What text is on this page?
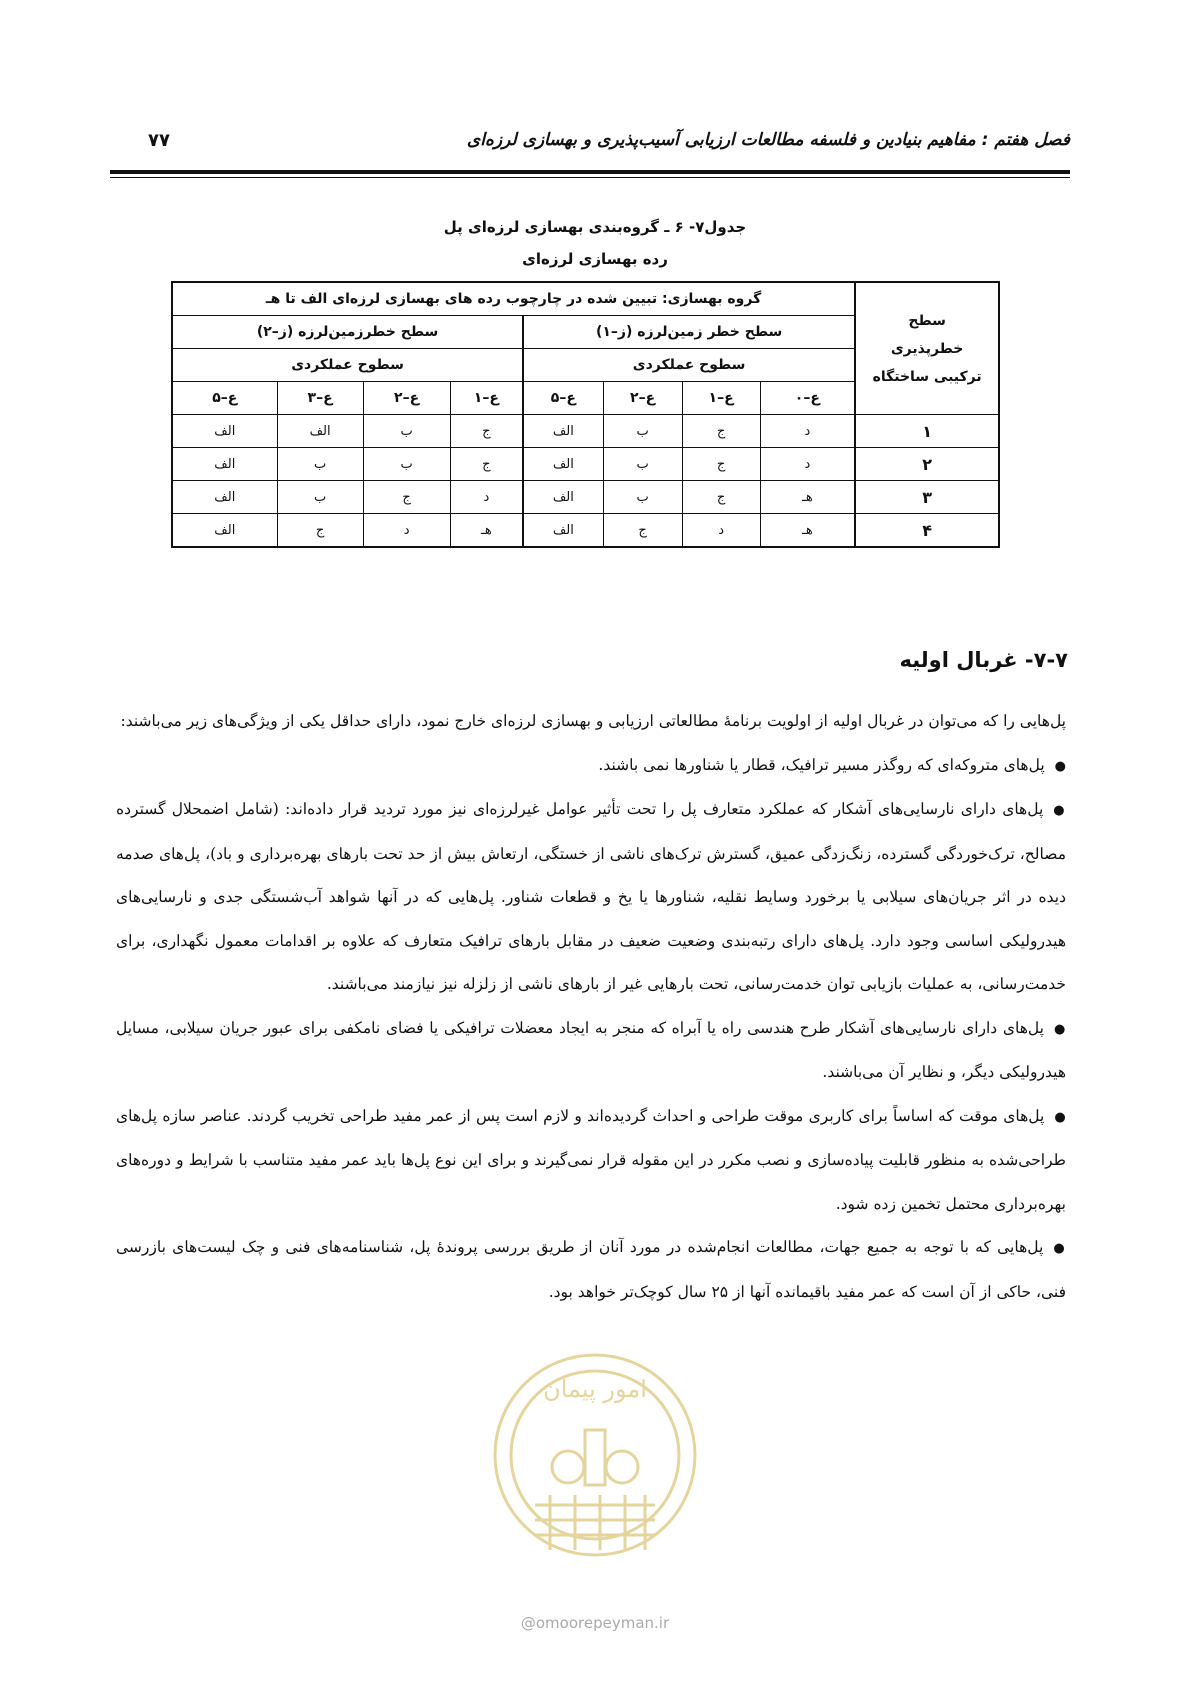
فصل هفتم : مفاهیم بنیادین و فلسفه مطالعات ارزیابی آسیب‌پذیری و بهسازی لرزه‌ای
۷۷
جدول۷- ۶ ـ گروه‌بندی بهسازی لرزه‌ای پل
رده بهسازی لرزه‌ای
سطح
خطرپذیری
ترکیبی ساختگاه	گروه بهسازی: تبیین شده در چارچوب رده های بهسازی لرزه‌ای الف تا هـ							
	سطح خطر زمین‌لرزه (ز–۱)				سطح خطرزمین‌لرزه (ز–۲)			
	سطوح عملکردی				سطوح عملکردی			
	ع–۰	ع–۱	ع–۲	ع–۵	ع–۱	ع–۲	ع–۳	ع–۵
۱	د	ج	ب	الف	ج	ب	الف	الف
۲	د	ج	ب	الف	ج	ب	ب	الف
۳	هـ	ج	ب	الف	د	ج	ب	الف
۴	هـ	د	ج	الف	هـ	د	ج	الف
۷-۷- غربال اولیه

پل‌هایی را که می‌توان در غربال اولیه از اولویت برنامهٔ مطالعاتی ارزیابی و بهسازی لرزه‌ای خارج نمود، دارای حداقل یکی از ویژگی‌های زیر می‌باشند:

●پل‌های متروکه‌ای که روگذر مسیر ترافیک، قطار یا شناورها نمی باشند.

●پل‌های دارای نارسایی‌های آشکار که عملکرد متعارف پل را تحت تأثیر عوامل غیرلرزه‌ای نیز مورد تردید قرار داده‌اند: (شامل اضمحلال گسترده مصالح، ترک‌خوردگی گسترده، زنگ‌زدگی عمیق، گسترش ترک‌های ناشی از خستگی، ارتعاش بیش از حد تحت بارهای بهره‌برداری و باد)، پل‌های صدمه دیده در اثر جریان‌های سیلابی یا برخورد وسایط نقلیه، شناورها یا یخ و قطعات شناور. پل‌هایی که در آنها شواهد آب‌شستگی جدی و نارسایی‌های هیدرولیکی اساسی وجود دارد. پل‌های دارای رتبه‌بندی وضعیت ضعیف در مقابل بارهای ترافیک متعارف که علاوه بر اقدامات معمول نگهداری، برای خدمت‌رسانی، به عملیات بازیابی توان خدمت‌رسانی، تحت بارهایی غیر از بارهای ناشی از زلزله نیز نیازمند می‌باشند.

●پل‌های دارای نارسایی‌های آشکار طرح هندسی راه یا آبراه که منجر به ایجاد معضلات ترافیکی یا فضای نامکفی برای عبور جریان سیلابی، مسایل هیدرولیکی دیگر، و نظایر آن می‌باشند.

●پل‌های موقت که اساساً برای کاربری موقت طراحی و احداث گردیده‌اند و لازم است پس از عمر مفید طراحی تخریب گردند. عناصر سازه پل‌های طراحی‌شده به منظور قابلیت پیاده‌سازی و نصب مکرر در این مقوله قرار نمی‌گیرند و برای این نوع پل‌ها باید عمر مفید متناسب با شرایط و دوره‌های بهره‌برداری محتمل تخمین زده شود.

●پل‌هایی که با توجه به جمیع جهات، مطالعات انجام‌شده در مورد آنان از طریق بررسی پروندهٔ پل، شناسنامه‌های فنی و چک لیست‌های بازرسی فنی، حاکی از آن است که عمر مفید باقیمانده آنها از ۲۵ سال کوچک‌تر خواهد بود.

امور پیمان
@omoorepeyman.ir
